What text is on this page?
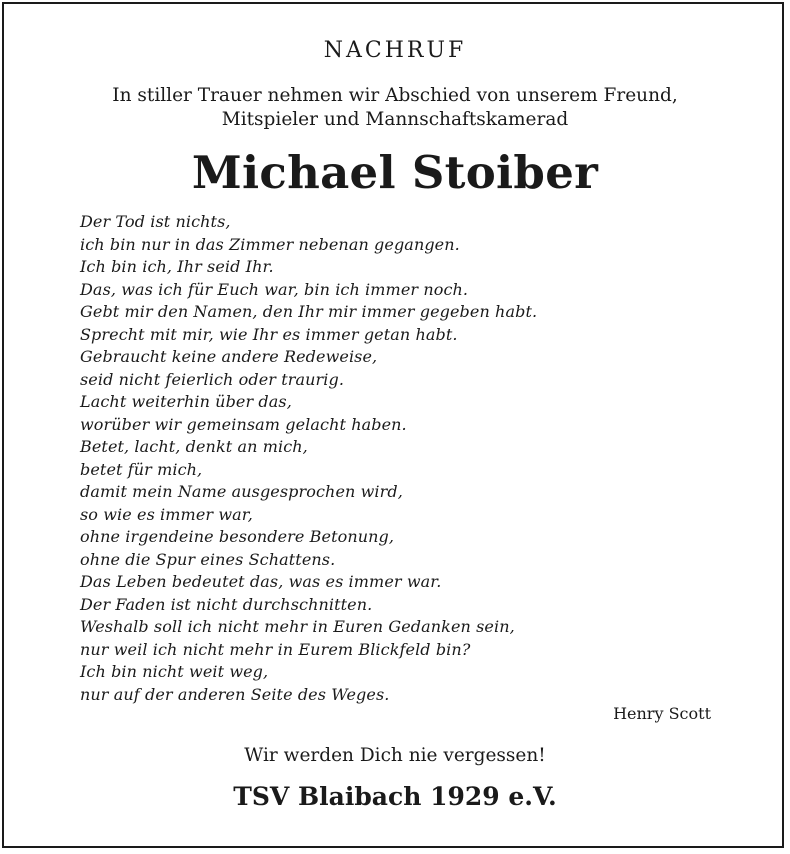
NACHRUF
In stiller Trauer nehmen wir Abschied von unserem Freund,
Mitspieler und Mannschaftskamerad
Michael Stoiber
Der Tod ist nichts,
ich bin nur in das Zimmer nebenan gegangen.
Ich bin ich, Ihr seid Ihr.
Das, was ich für Euch war, bin ich immer noch.
Gebt mir den Namen, den Ihr mir immer gegeben habt.
Sprecht mit mir, wie Ihr es immer getan habt.
Gebraucht keine andere Redeweise,
seid nicht feierlich oder traurig.
Lacht weiterhin über das,
worüber wir gemeinsam gelacht haben.
Betet, lacht, denkt an mich,
betet für mich,
damit mein Name ausgesprochen wird,
so wie es immer war,
ohne irgendeine besondere Betonung,
ohne die Spur eines Schattens.
Das Leben bedeutet das, was es immer war.
Der Faden ist nicht durchschnitten.
Weshalb soll ich nicht mehr in Euren Gedanken sein,
nur weil ich nicht mehr in Eurem Blickfeld bin?
Ich bin nicht weit weg,
nur auf der anderen Seite des Weges.
Henry Scott
Wir werden Dich nie vergessen!
TSV Blaibach 1929 e.V.
